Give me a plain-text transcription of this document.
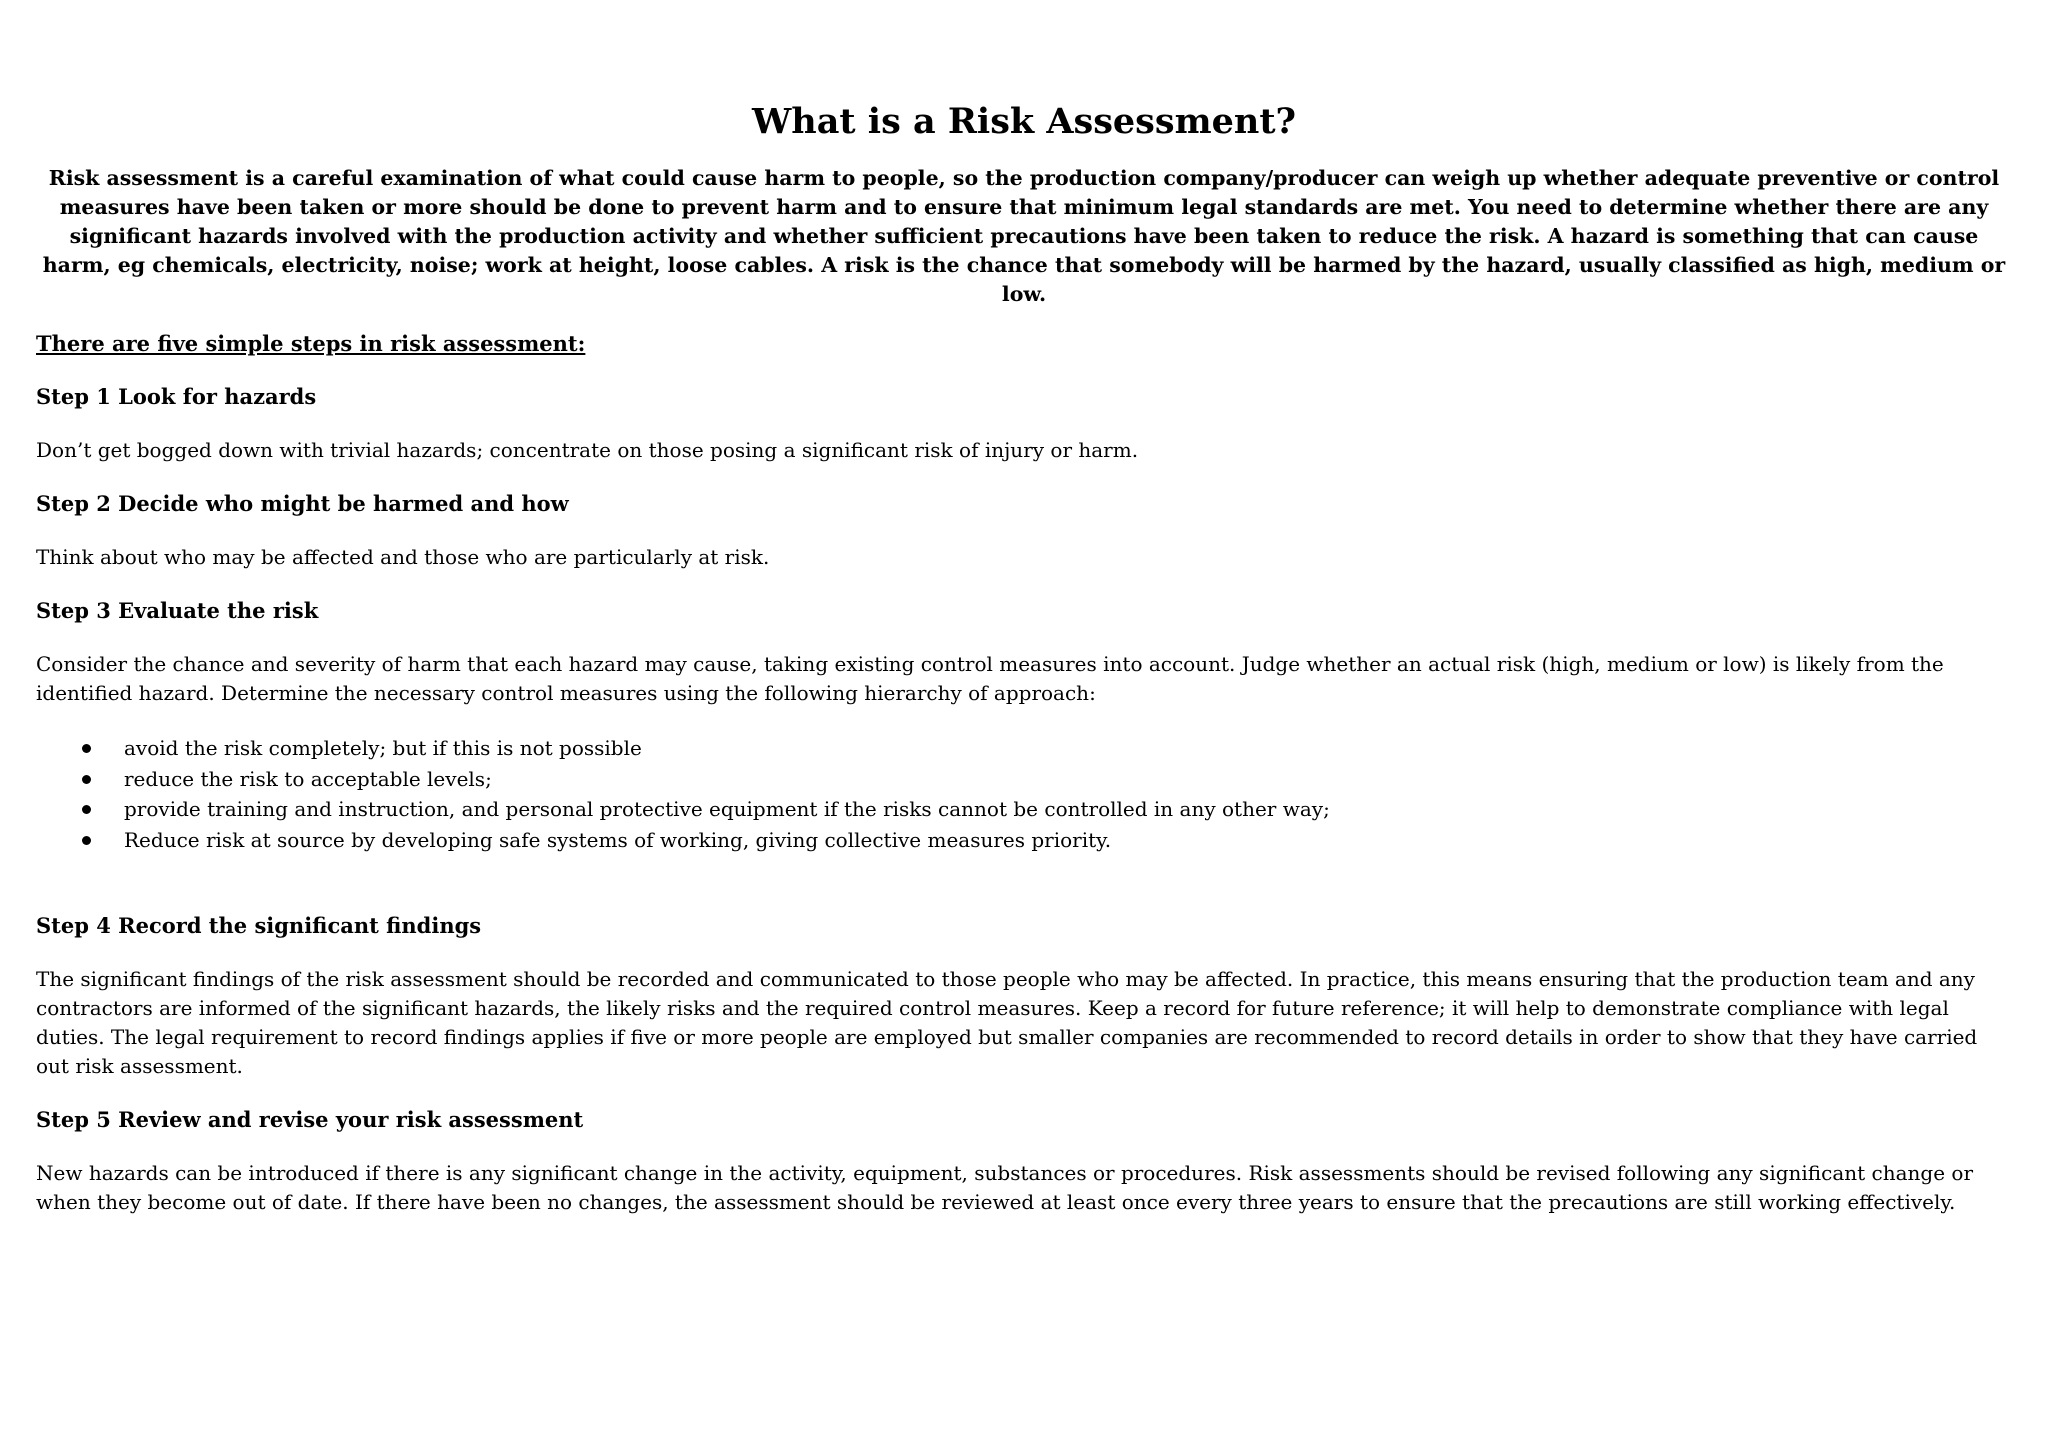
What is a Risk Assessment?

Risk assessment is a careful examination of what could cause harm to people, so the production company/producer can weigh up whether adequate preventive or control measures have been taken or more should be done to prevent harm and to ensure that minimum legal standards are met. You need to determine whether there are any significant hazards involved with the production activity and whether sufficient precautions have been taken to reduce the risk. A hazard is something that can cause harm, eg chemicals, electricity, noise; work at height, loose cables. A risk is the chance that somebody will be harmed by the hazard, usually classified as high, medium or low.

There are five simple steps in risk assessment:

Step 1 Look for hazards

Don’t get bogged down with trivial hazards; concentrate on those posing a significant risk of injury or harm.

Step 2 Decide who might be harmed and how

Think about who may be affected and those who are particularly at risk.

Step 3 Evaluate the risk

Consider the chance and severity of harm that each hazard may cause, taking existing control measures into account. Judge whether an actual risk (high, medium or low) is likely from the identified hazard. Determine the necessary control measures using the following hierarchy of approach:

avoid the risk completely; but if this is not possible
reduce the risk to acceptable levels;
provide training and instruction, and personal protective equipment if the risks cannot be controlled in any other way;
Reduce risk at source by developing safe systems of working, giving collective measures priority.

Step 4 Record the significant findings

The significant findings of the risk assessment should be recorded and communicated to those people who may be affected. In practice, this means ensuring that the production team and any contractors are informed of the significant hazards, the likely risks and the required control measures. Keep a record for future reference; it will help to demonstrate compliance with legal duties. The legal requirement to record findings applies if five or more people are employed but smaller companies are recommended to record details in order to show that they have carried out risk assessment.

Step 5 Review and revise your risk assessment

New hazards can be introduced if there is any significant change in the activity, equipment, substances or procedures. Risk assessments should be revised following any significant change or when they become out of date. If there have been no changes, the assessment should be reviewed at least once every three years to ensure that the precautions are still working effectively.
